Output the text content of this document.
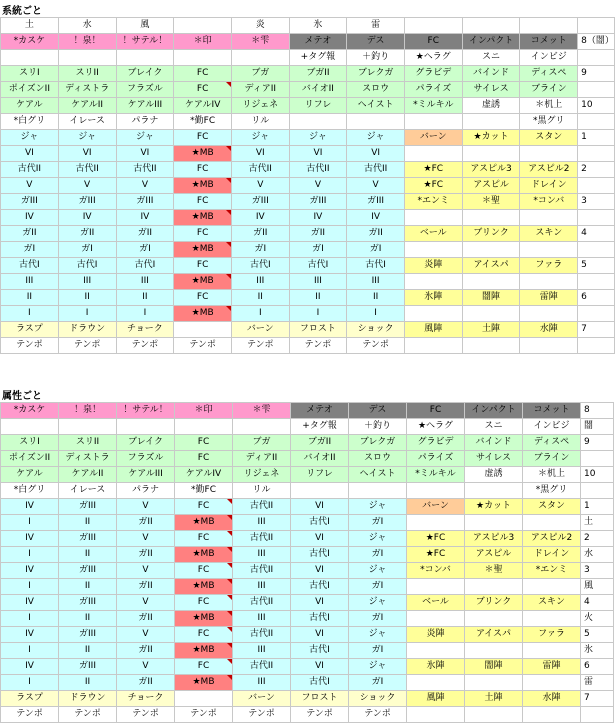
系統ごと
土	水	風		炎	氷	雷				
*カスケ	！泉！	！サテル！	＊印	＊雫	メテオ	デス	FC	インパクト	コメット	8（闇）
					+タグ報	＋釣り	★ヘラグ	スニ	インビジ	
スリI	スリII	ブレイク	FC	ブガ	ブガII	ブレクガ	グラビデ	バインド	ディスペ	9
ポイズンII	ディストラ	フラズル	FC	ディアII	バイオII	スロウ	パライズ	サイレス	ブライン	
ケアル	ケアルII	ケアルIII	ケアルIV	リジェネ	リフレ	ヘイスト	*ミルキル	虚誘	＊机上	10
*白グリ	イレース	パラナ	*勤FC	リル					*黒グリ	
ジャ	ジャ	ジャ	FC	ジャ	ジャ	ジャ	バーン	★カット	スタン	1
VI	VI	VI	★MB	VI	VI	VI				
古代II	古代II	古代II	FC	古代II	古代II	古代II	★FC	アスピル3	アスピル2	2
V	V	V	★MB	V	V	V	★FC	アスピル	ドレイン	
ガIII	ガIII	ガIII	FC	ガIII	ガIII	ガIII	*エンミ	＊聖	*コンバ	3
IV	IV	IV	★MB	IV	IV	IV				
ガII	ガII	ガII	FC	ガII	ガII	ガII	ベール	ブリンク	スキン	4
ガI	ガI	ガI	★MB	ガI	ガI	ガI				
古代I	古代I	古代I	FC	古代I	古代I	古代I	炎陣	アイスパ	ファラ	5
III	III	III	★MB	III	III	III				
II	II	II	FC	II	II	II	氷陣	闇陣	雷陣	6
I	I	I	★MB	I	I	I				
ラスプ	ドラウン	チョーク		バーン	フロスト	ショック	風陣	土陣	水陣	7
テンポ	テンポ	テンポ	テンポ	テンポ	テンポ	テンポ				
属性ごと
*カスケ	！泉！	！サテル！	＊印	＊雫	メテオ	デス	FC	インパクト	コメット	8
					+タグ報	＋釣り	★ヘラグ	スニ	インビジ	闇
スリI	スリII	ブレイク	FC	ブガ	ブガII	ブレクガ	グラビデ	バインド	ディスペ	9
ポイズンII	ディストラ	フラズル	FC	ディアII	バイオII	スロウ	パライズ	サイレス	ブライン	
ケアル	ケアルII	ケアルIII	ケアルIV	リジェネ	リフレ	ヘイスト	*ミルキル	虚誘	＊机上	10
*白グリ	イレース	パラナ	*勤FC	リル					*黒グリ	
IV	ガIII	V	FC	古代II	VI	ジャ	バーン	★カット	スタン	1
I	II	ガII	★MB	III	古代I	ガI				土
IV	ガIII	V	FC	古代II	VI	ジャ	★FC	アスピル3	アスピル2	2
I	II	ガII	★MB	III	古代I	ガI	★FC	アスピル	ドレイン	水
IV	ガIII	V	FC	古代II	VI	ジャ	*コンバ	＊聖	*エンミ	3
I	II	ガII	★MB	III	古代I	ガI				風
IV	ガIII	V	FC	古代II	VI	ジャ	ベール	ブリンク	スキン	4
I	II	ガII	★MB	III	古代I	ガI				火
IV	ガIII	V	FC	古代II	VI	ジャ	炎陣	アイスパ	ファラ	5
I	II	ガII	★MB	III	古代I	ガI				氷
IV	ガIII	V	FC	古代II	VI	ジャ	氷陣	闇陣	雷陣	6
I	II	ガII	★MB	III	古代I	ガI				雷
ラスプ	ドラウン	チョーク		バーン	フロスト	ショック	風陣	土陣	水陣	7
テンポ	テンポ	テンポ	テンポ	テンポ	テンポ	テンポ				
